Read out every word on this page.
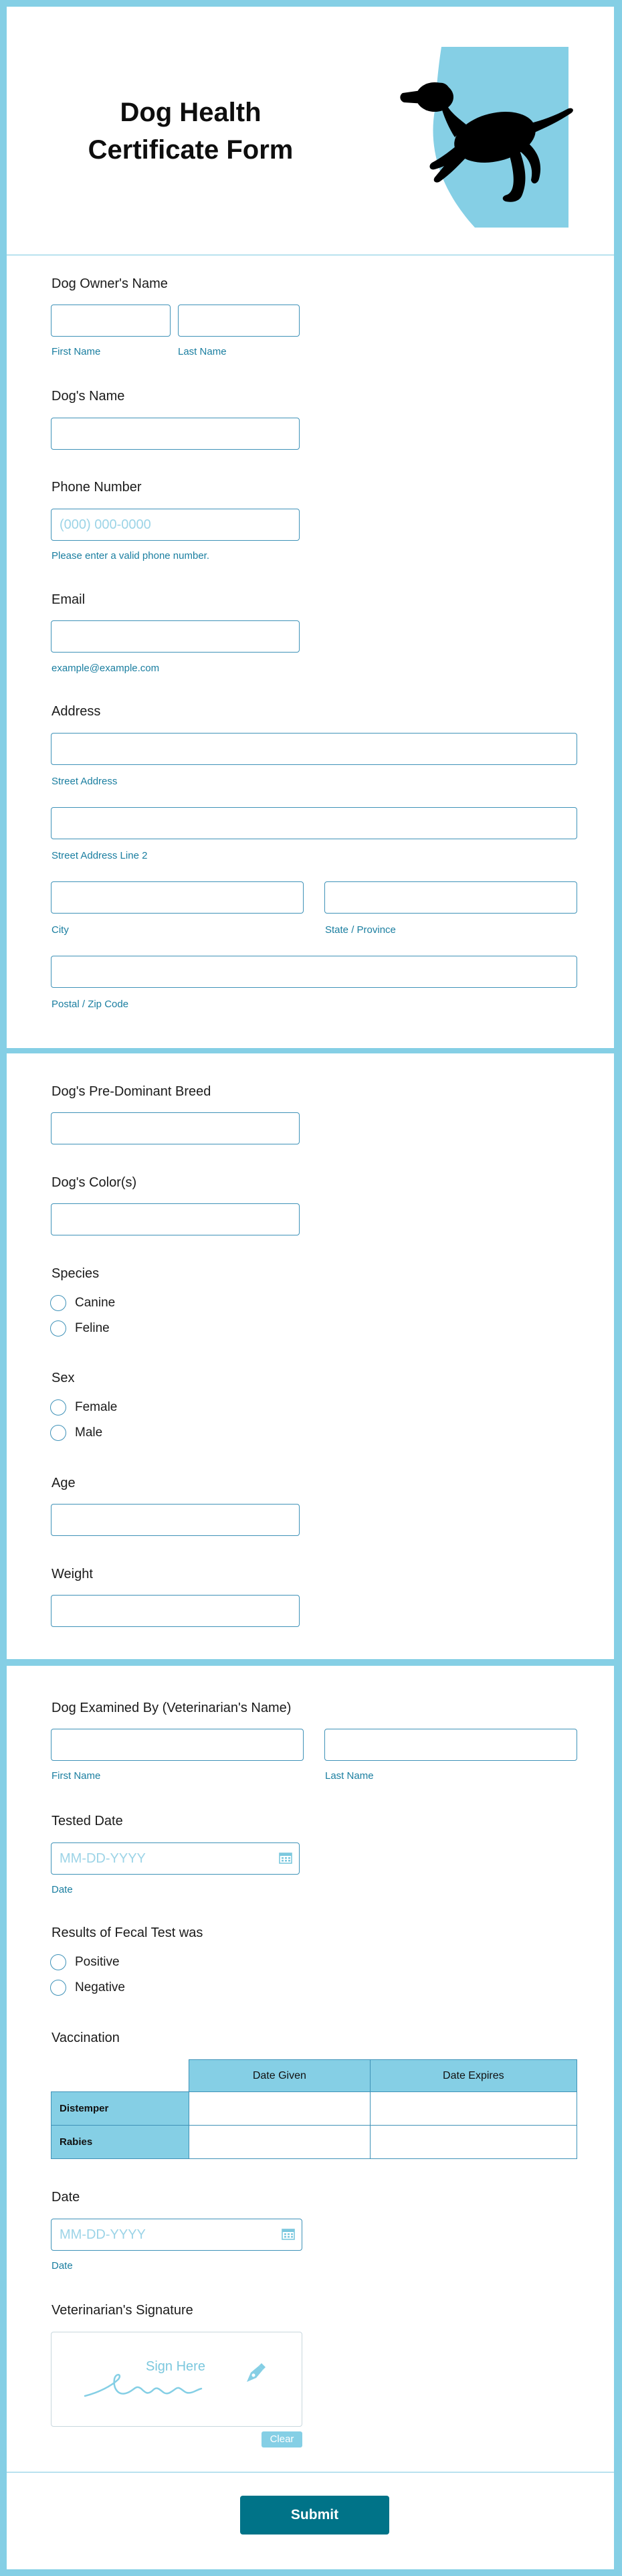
Dog Health Certificate Form
Dog Owner's Name
First Name	Last Name
Dog's Name
Phone Number
(000) 000-0000
Please enter a valid phone number.
Email
example@example.com
Address
Street Address
Street Address Line 2
City	State / Province
Postal / Zip Code
Dog's Pre-Dominant Breed
Dog's Color(s)
Species
Canine
Feline
Sex
Female
Male
Age
Weight
Dog Examined By (Veterinarian's Name)
First Name	Last Name
Tested Date
MM-DD-YYYY
Date
Results of Fecal Test was
Positive
Negative
Vaccination
	Date Given	Date Expires
Distemper		
Rabies		
Date
MM-DD-YYYY
Date
Veterinarian's Signature
Sign Here
Clear
Submit
